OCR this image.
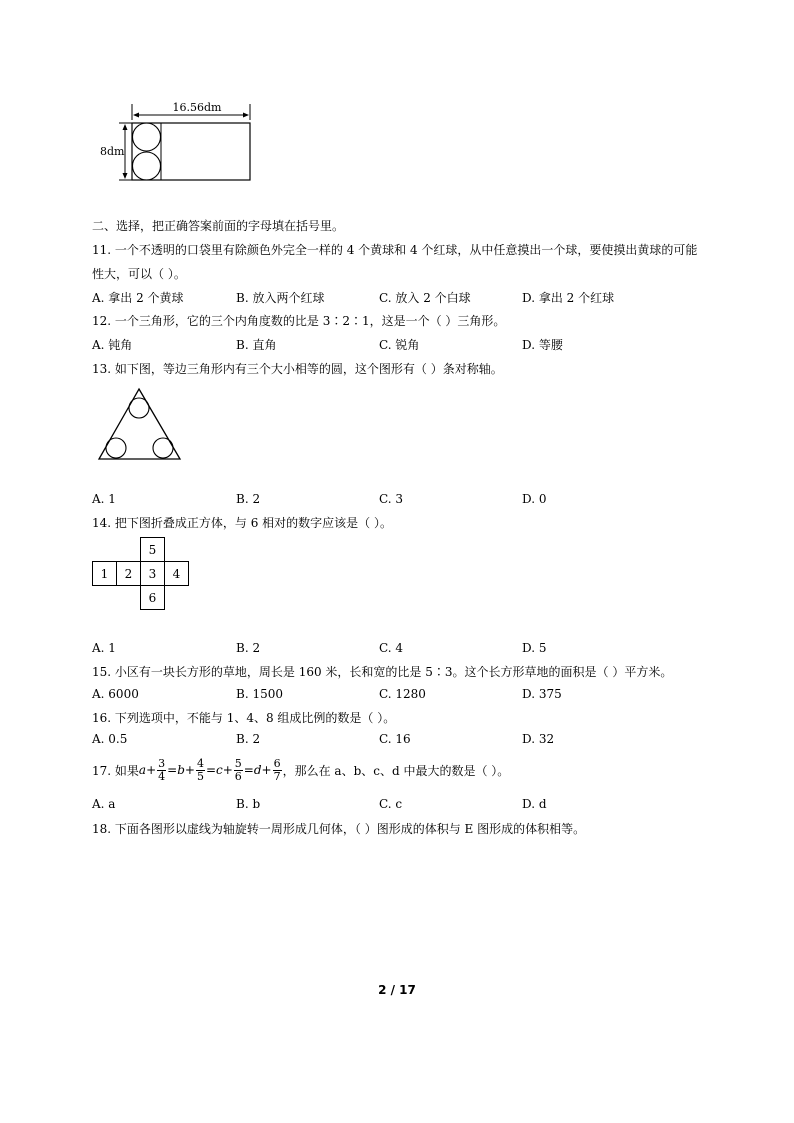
16.56dm
8dm
二、选择，把正确答案前面的字母填在括号里。
11. 一个不透明的口袋里有除颜色外完全一样的 4 个黄球和 4 个红球，从中任意摸出一个球，要使摸出黄球的可能
性大，可以（ ）。
A. 拿出 2 个黄球	B. 放入两个红球	C. 放入 2 个白球	D. 拿出 2 个红球
12. 一个三角形，它的三个内角度数的比是 3∶2∶1，这是一个（ ）三角形。
A. 钝角	B. 直角	C. 锐角	D. 等腰
13. 如下图，等边三角形内有三个大小相等的圆，这个图形有（ ）条对称轴。
A. 1	B. 2	C. 3	D. 0
14. 把下图折叠成正方体，与 6 相对的数字应该是（ ）。
5
1 2 3 4
6
A. 1	B. 2	C. 4	D. 5
15. 小区有一块长方形的草地，周长是 160 米，长和宽的比是 5∶3。这个长方形草地的面积是（ ）平方米。
A. 6000	B. 1500	C. 1280	D. 375
16. 下列选项中，不能与 1、4、8 组成比例的数是（ ）。
A. 0.5	B. 2	C. 16	D. 32
17. 如果 $a + \frac{3}{4} = b + \frac{4}{5} = c + \frac{5}{6} = d + \frac{6}{7}$ ，那么在 a、b、c、d 中最大的数是（ ）。
A. a	B. b	C. c	D. d
18. 下面各图形以虚线为轴旋转一周形成几何体，（ ）图形成的体积与 E 图形成的体积相等。
2 / 17
